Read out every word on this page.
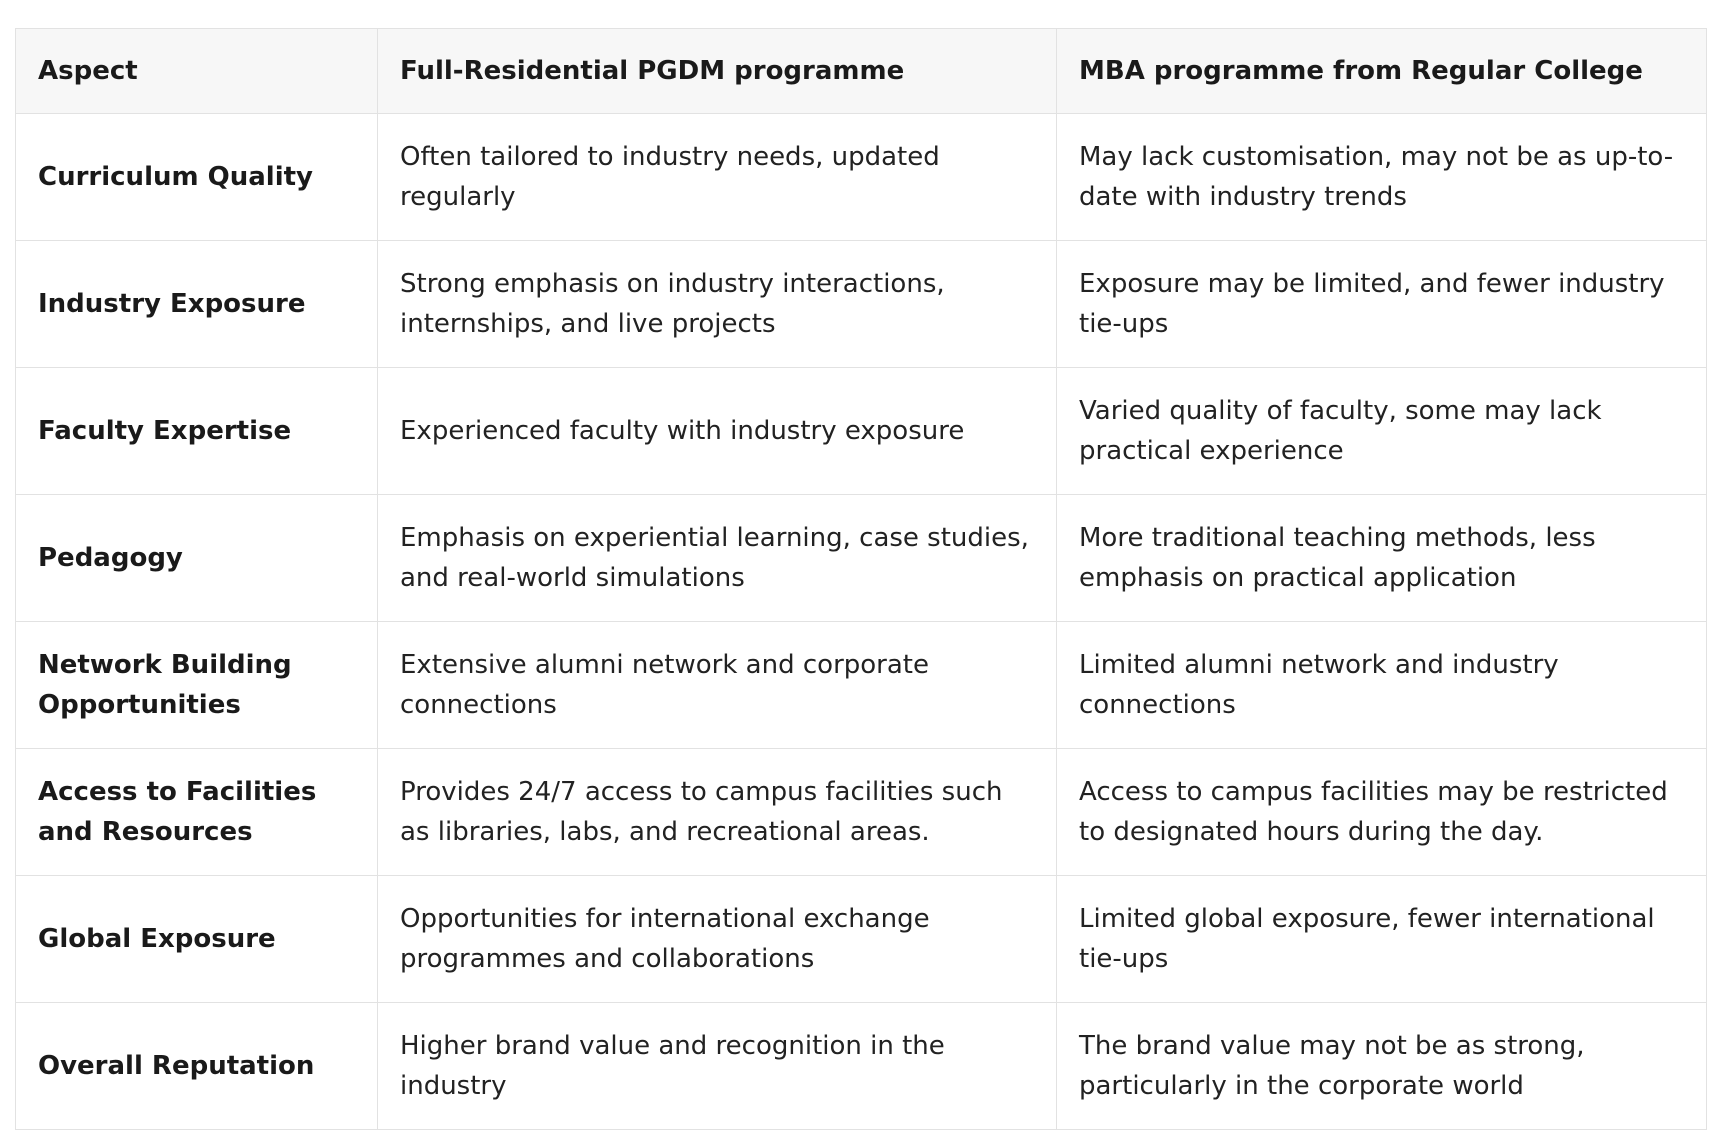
Aspect	Full-Residential PGDM programme	MBA programme from Regular College
Curriculum Quality	Often tailored to industry needs, updated regularly	May lack customisation, may not be as up-to-date with industry trends
Industry Exposure	Strong emphasis on industry interactions, internships, and live projects	Exposure may be limited, and fewer industry tie-ups
Faculty Expertise	Experienced faculty with industry exposure	Varied quality of faculty, some may lack practical experience
Pedagogy	Emphasis on experiential learning, case studies, and real-world simulations	More traditional teaching methods, less emphasis on practical application
Network Building Opportunities	Extensive alumni network and corporate connections	Limited alumni network and industry connections
Access to Facilities and Resources	Provides 24/7 access to campus facilities such as libraries, labs, and recreational areas.	Access to campus facilities may be restricted to designated hours during the day.
Global Exposure	Opportunities for international exchange programmes and collaborations	Limited global exposure, fewer international tie-ups
Overall Reputation	Higher brand value and recognition in the industry	The brand value may not be as strong, particularly in the corporate world
